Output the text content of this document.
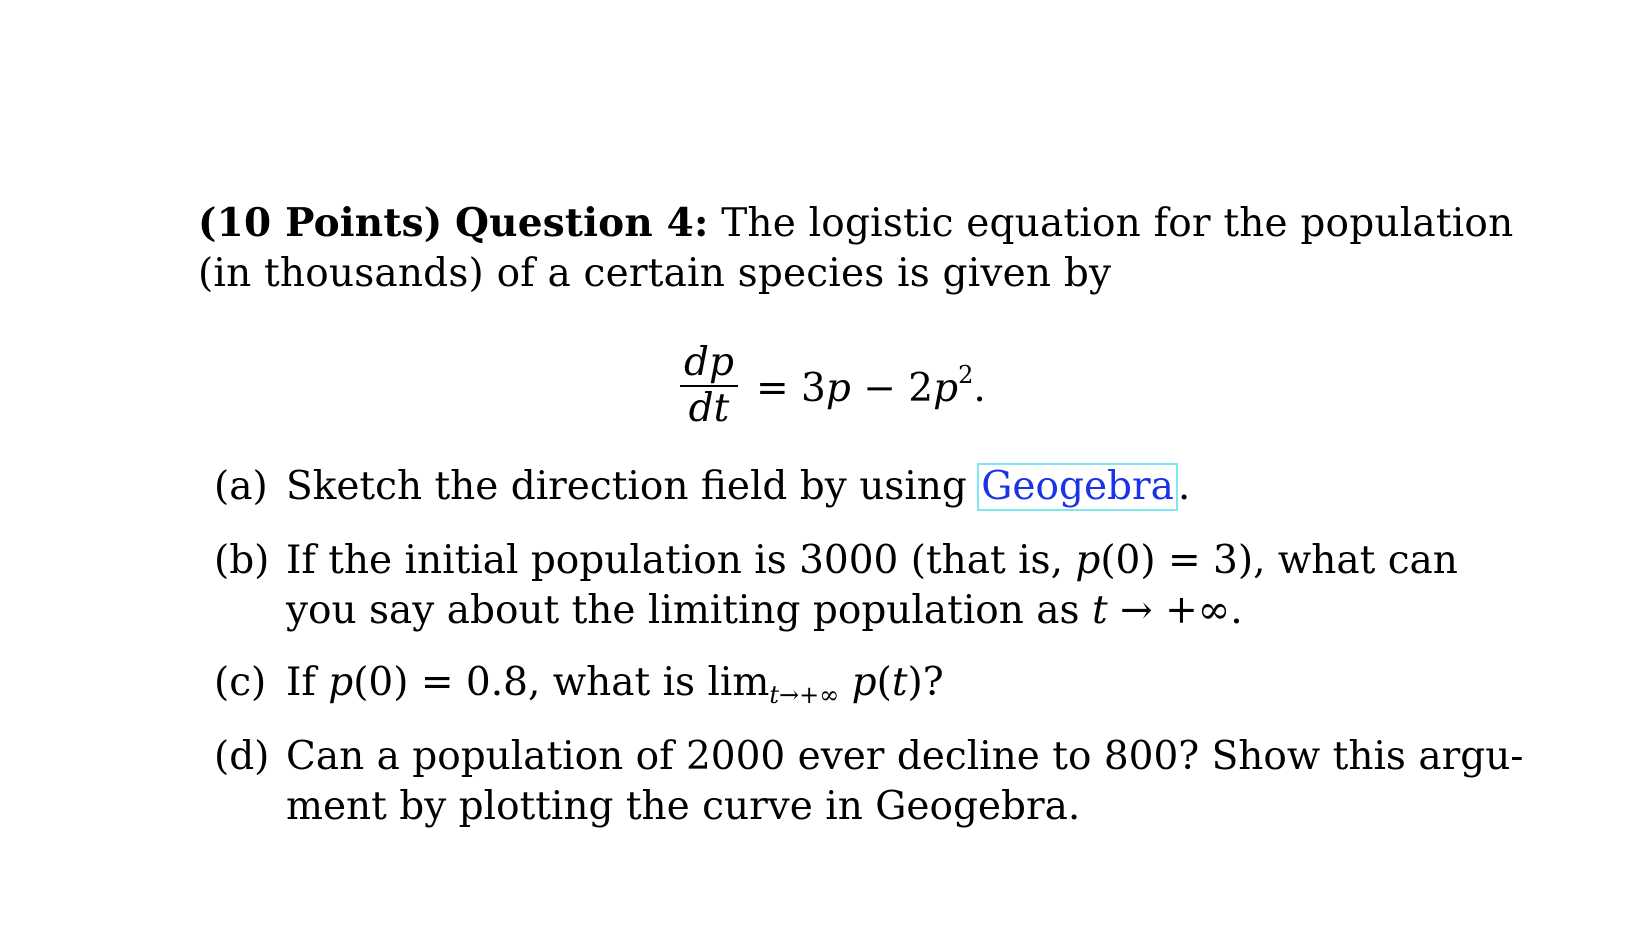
(10 Points) Question 4: The logistic equation for the population
(in thousands) of a certain species is given by
$\frac{dp}{dt} = 3p - 2p^2$.
(a) Sketch the direction field by using Geogebra .
(b) If the initial population is 3000 (that is, p(0) = 3), what can
you say about the limiting population as t → +∞.
(c) If p(0) = 0.8, what is $\lim_{t\to+\infty} p(t)$?
(d) Can a population of 2000 ever decline to 800? Show this argu-
ment by plotting the curve in Geogebra.
